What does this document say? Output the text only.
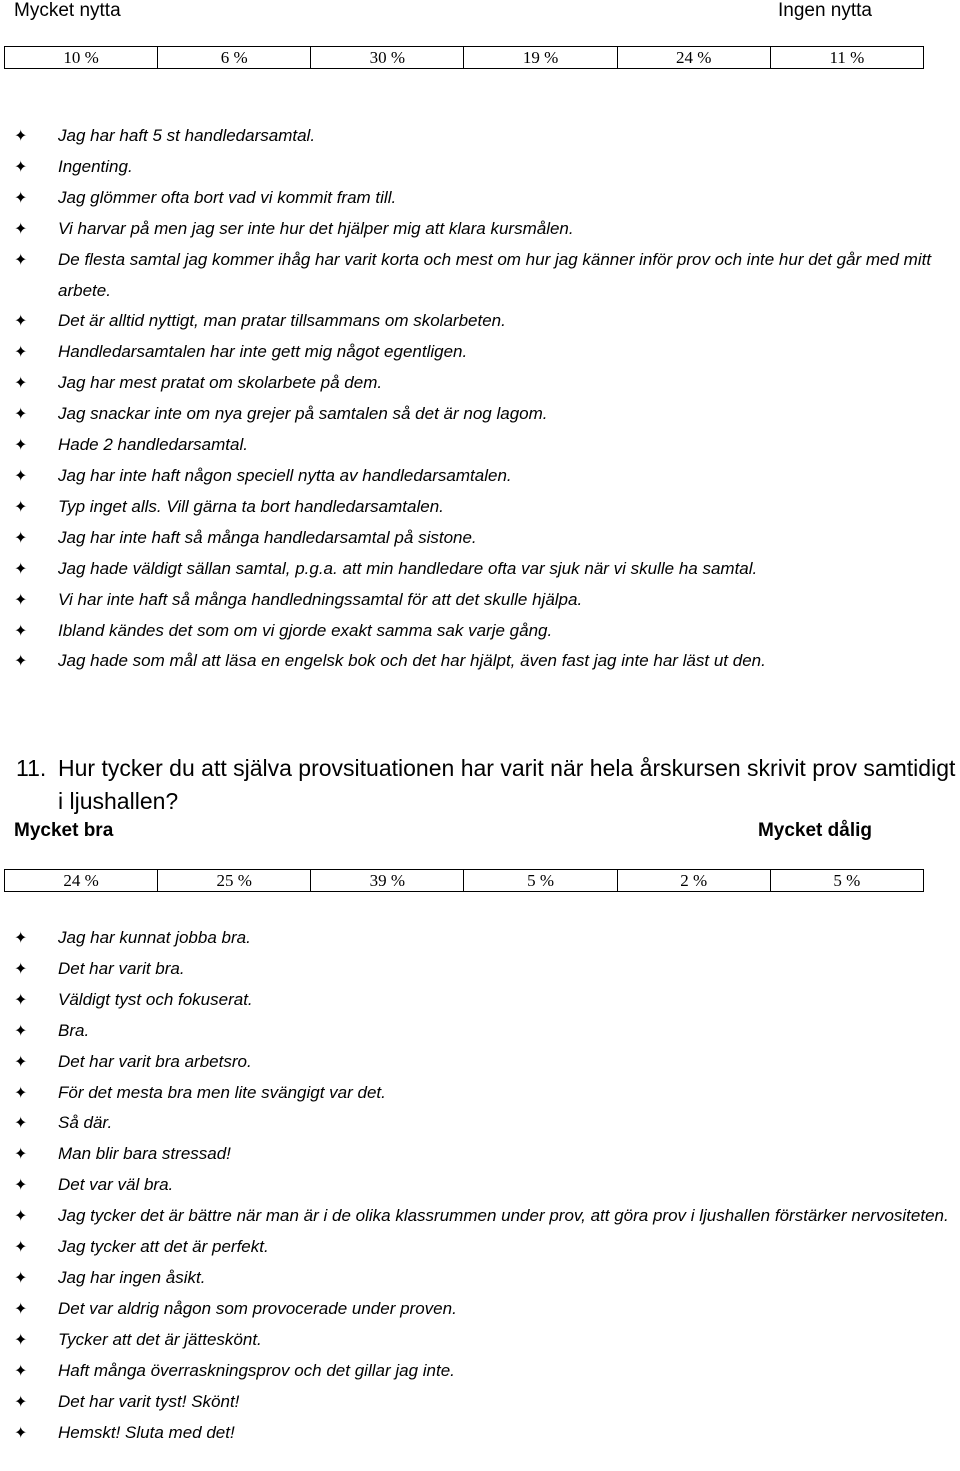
Mycket nytta	Ingen nytta
10 %	6 %	30 %	19 %	24 %	11 %
✦ Jag har haft 5 st handledarsamtal.
✦ Ingenting.
✦ Jag glömmer ofta bort vad vi kommit fram till.
✦ Vi harvar på men jag ser inte hur det hjälper mig att klara kursmålen.
✦ De flesta samtal jag kommer ihåg har varit korta och mest om hur jag känner inför prov och inte hur det går med mitt arbete.
✦ Det är alltid nyttigt, man pratar tillsammans om skolarbeten.
✦ Handledarsamtalen har inte gett mig något egentligen.
✦ Jag har mest pratat om skolarbete på dem.
✦ Jag snackar inte om nya grejer på samtalen så det är nog lagom.
✦ Hade 2 handledarsamtal.
✦ Jag har inte haft någon speciell nytta av handledarsamtalen.
✦ Typ inget alls. Vill gärna ta bort handledarsamtalen.
✦ Jag har inte haft så många handledarsamtal på sistone.
✦ Jag hade väldigt sällan samtal, p.g.a. att min handledare ofta var sjuk när vi skulle ha samtal.
✦ Vi har inte haft så många handledningssamtal för att det skulle hjälpa.
✦ Ibland kändes det som om vi gjorde exakt samma sak varje gång.
✦ Jag hade som mål att läsa en engelsk bok och det har hjälpt, även fast jag inte har läst ut den.
11. Hur tycker du att själva provsituationen har varit när hela årskursen skrivit prov samtidigt i ljushallen?
Mycket bra	Mycket dålig
24 %	25 %	39 %	5 %	2 %	5 %
✦ Jag har kunnat jobba bra.
✦ Det har varit bra.
✦ Väldigt tyst och fokuserat.
✦ Bra.
✦ Det har varit bra arbetsro.
✦ För det mesta bra men lite svängigt var det.
✦ Så där.
✦ Man blir bara stressad!
✦ Det var väl bra.
✦ Jag tycker det är bättre när man är i de olika klassrummen under prov, att göra prov i ljushallen förstärker nervositeten.
✦ Jag tycker att det är perfekt.
✦ Jag har ingen åsikt.
✦ Det var aldrig någon som provocerade under proven.
✦ Tycker att det är jätteskönt.
✦ Haft många överraskningsprov och det gillar jag inte.
✦ Det har varit tyst! Skönt!
✦ Hemskt! Sluta med det!
